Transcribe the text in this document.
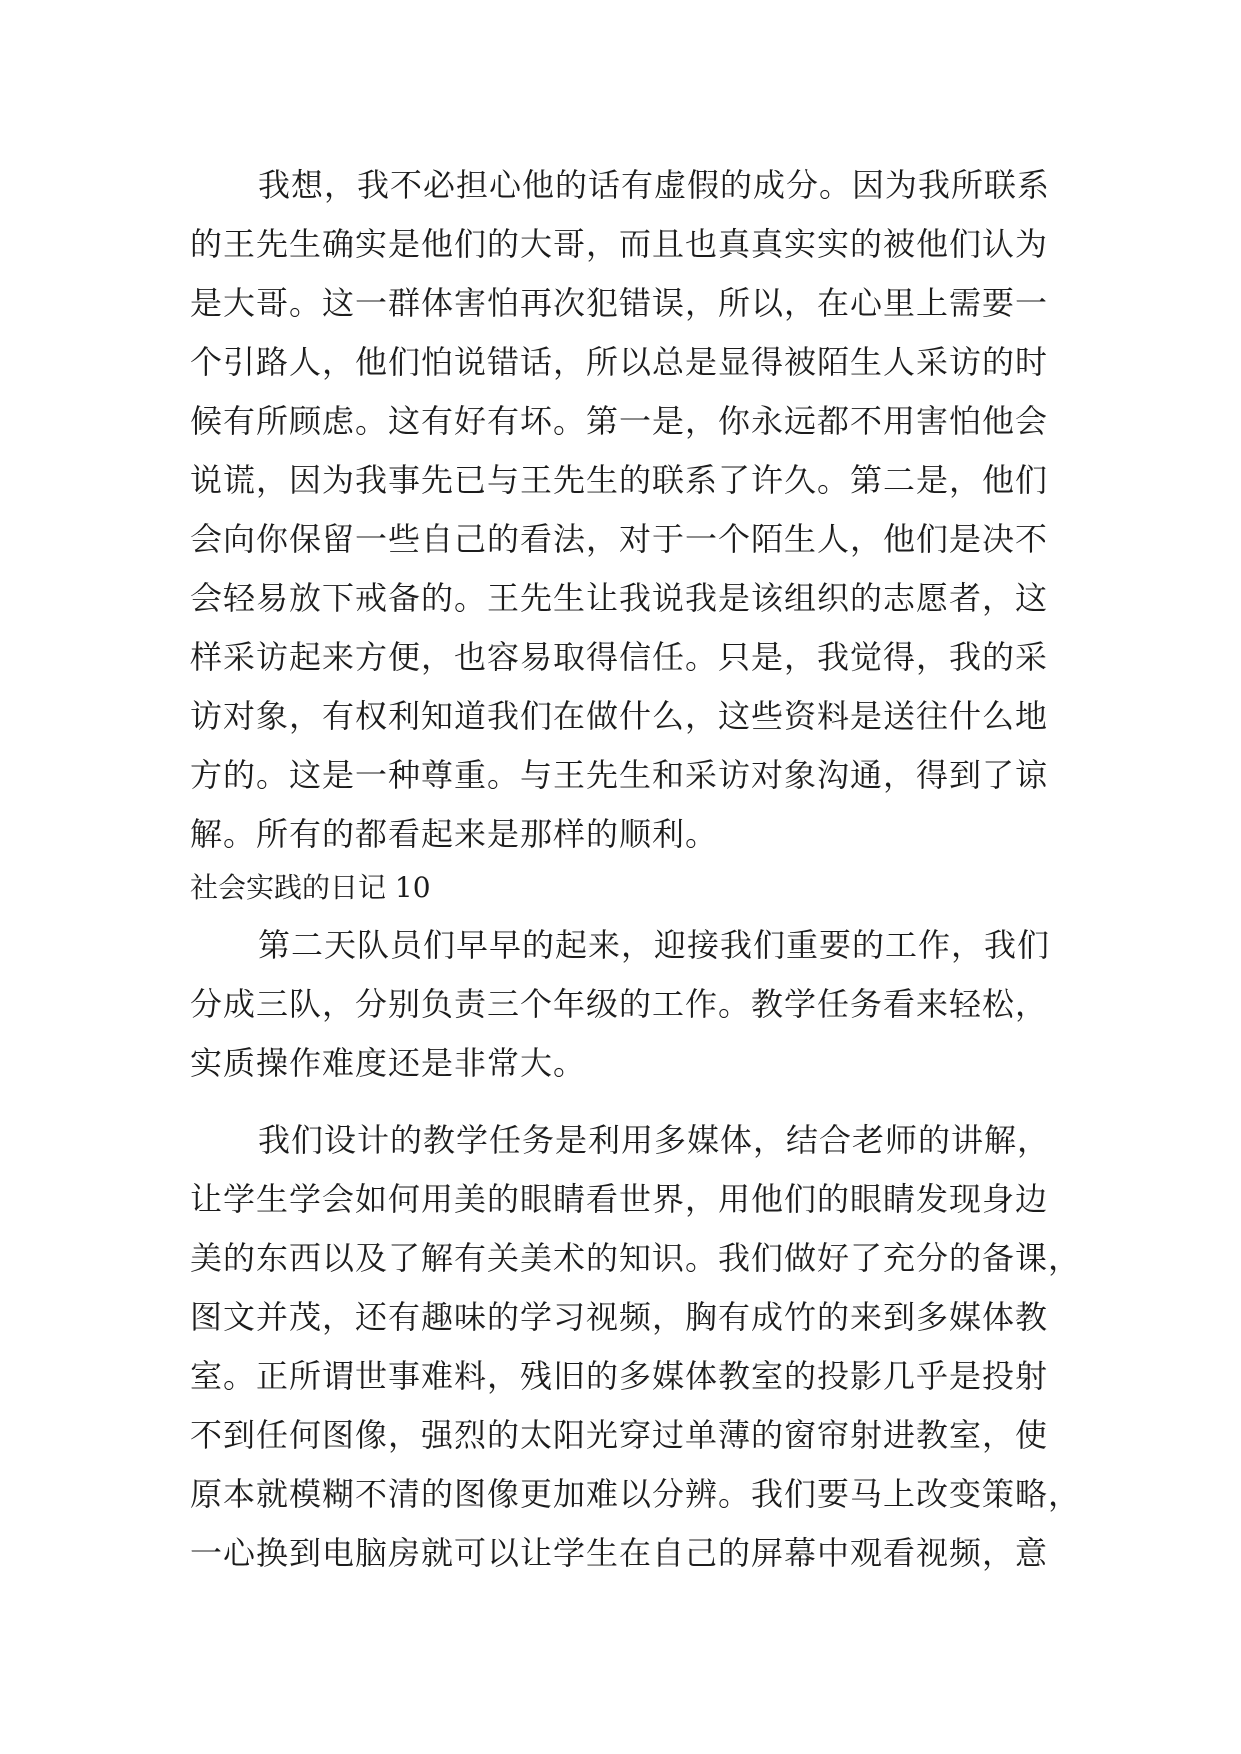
我想，我不必担心他的话有虚假的成分。因为我所联系
的王先生确实是他们的大哥，而且也真真实实的被他们认为
是大哥。这一群体害怕再次犯错误，所以，在心里上需要一
个引路人，他们怕说错话，所以总是显得被陌生人采访的时
候有所顾虑。这有好有坏。第一是，你永远都不用害怕他会
说谎，因为我事先已与王先生的联系了许久。第二是，他们
会向你保留一些自己的看法，对于一个陌生人，他们是决不
会轻易放下戒备的。王先生让我说我是该组织的志愿者，这
样采访起来方便，也容易取得信任。只是，我觉得，我的采
访对象，有权利知道我们在做什么，这些资料是送往什么地
方的。这是一种尊重。与王先生和采访对象沟通，得到了谅
解。所有的都看起来是那样的顺利。
社会实践的日记 10
第二天队员们早早的起来，迎接我们重要的工作，我们
分成三队，分别负责三个年级的工作。教学任务看来轻松，
实质操作难度还是非常大。
我们设计的教学任务是利用多媒体，结合老师的讲解，
让学生学会如何用美的眼睛看世界，用他们的眼睛发现身边
美的东西以及了解有关美术的知识。我们做好了充分的备课，
图文并茂，还有趣味的学习视频，胸有成竹的来到多媒体教
室。正所谓世事难料，残旧的多媒体教室的投影几乎是投射
不到任何图像，强烈的太阳光穿过单薄的窗帘射进教室，使
原本就模糊不清的图像更加难以分辨。我们要马上改变策略，
一心换到电脑房就可以让学生在自己的屏幕中观看视频，意
